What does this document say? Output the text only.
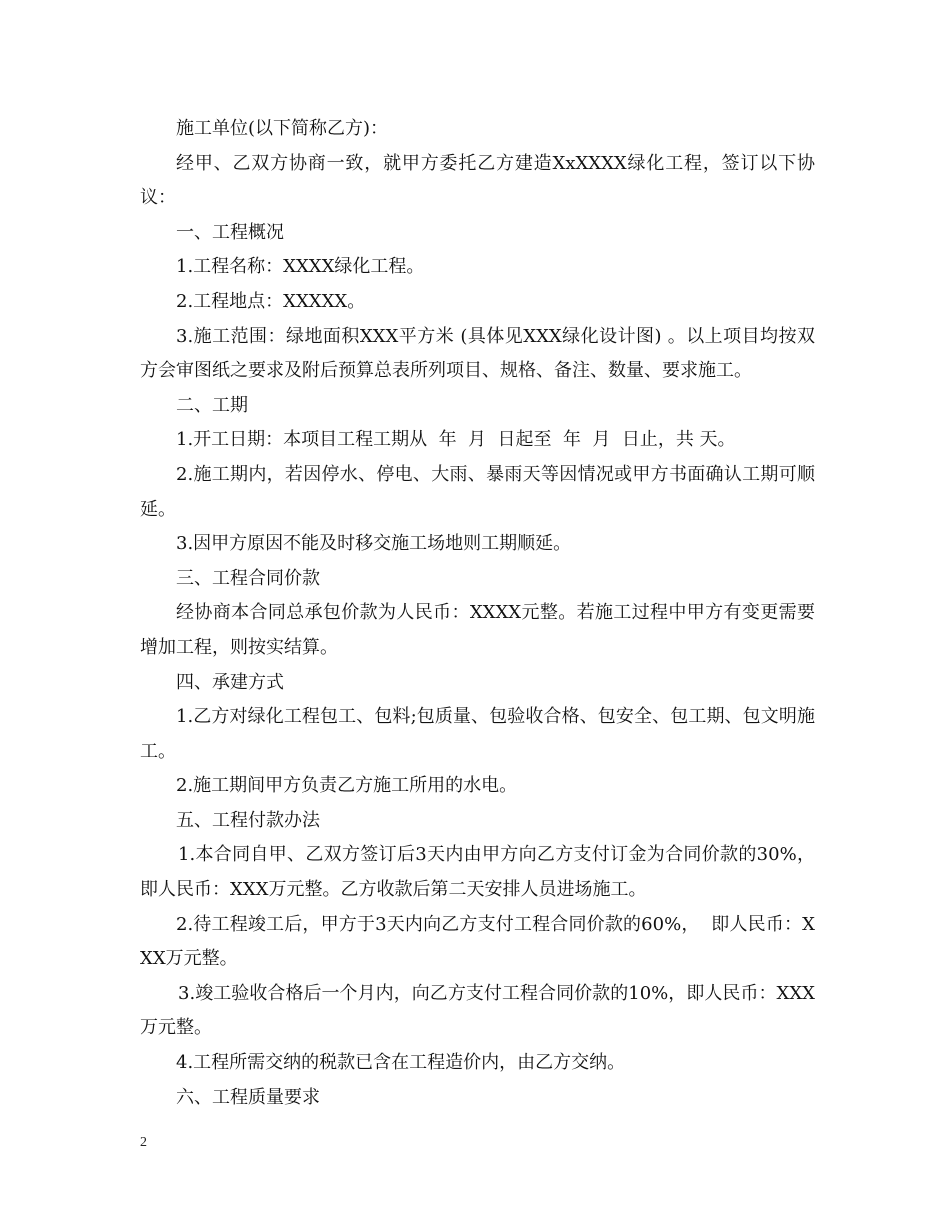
施工单位(以下简称乙方)：

经甲、乙双方协商一致，就甲方委托乙方建造XxXXXX绿化工程，签订以下协议：

一、工程概况

1.工程名称：XXXX绿化工程。

2.工程地点：XXXXX。

3.施工范围：绿地面积XXX平方米 (具体见XXX绿化设计图) 。以上项目均按双方会审图纸之要求及附后预算总表所列项目、规格、备注、数量、要求施工。

二、工期

1.开工日期：本项目工程工期从  年  月  日起至  年  月  日止，共 天。

2.施工期内，若因停水、停电、大雨、暴雨天等因情况或甲方书面确认工期可顺延。

3.因甲方原因不能及时移交施工场地则工期顺延。

三、工程合同价款

经协商本合同总承包价款为人民币：XXXX元整。若施工过程中甲方有变更需要增加工程，则按实结算。

四、承建方式

1.乙方对绿化工程包工、包料;包质量、包验收合格、包安全、包工期、包文明施工。

2.施工期间甲方负责乙方施工所用的水电。

五、工程付款办法

1.本合同自甲、乙双方签订后3天内由甲方向乙方支付订金为合同价款的30%，即人民币：XXX万元整。乙方收款后第二天安排人员进场施工。

2.待工程竣工后，甲方于3天内向乙方支付工程合同价款的60%，  即人民币：XXX万元整。

3.竣工验收合格后一个月内，向乙方支付工程合同价款的10%，即人民币：XXX万元整。

4.工程所需交纳的税款已含在工程造价内，由乙方交纳。

六、工程质量要求

2
